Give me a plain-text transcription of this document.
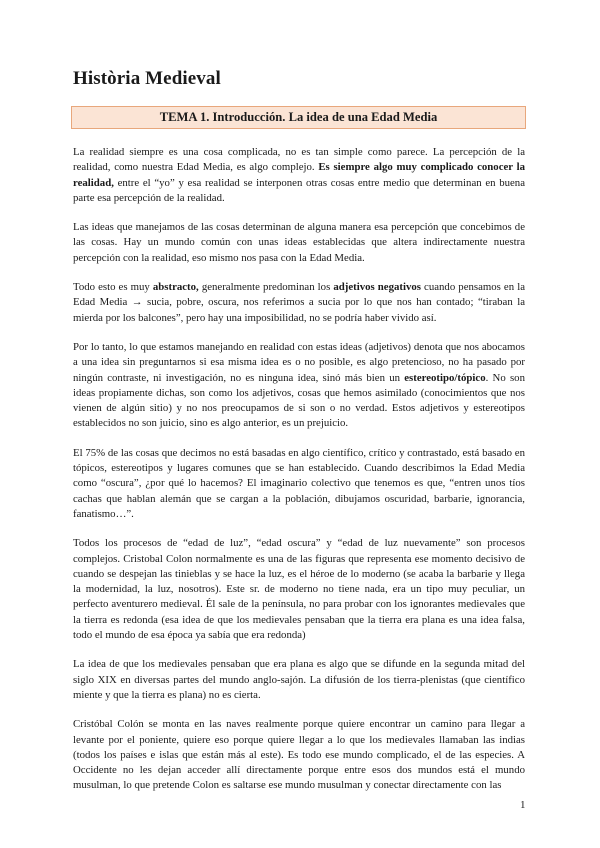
Història Medieval
TEMA 1. Introducción. La idea de una Edad Media

La realidad siempre es una cosa complicada, no es tan simple como parece. La percepción de la realidad, como nuestra Edad Media, es algo complejo. Es siempre algo muy complicado conocer la realidad, entre el “yo” y esa realidad se interponen otras cosas entre medio que determinan en buena parte esa percepción de la realidad.

Las ideas que manejamos de las cosas determinan de alguna manera esa percepción que concebimos de las cosas. Hay un mundo común con unas ideas establecidas que altera indirectamente nuestra percepción con la realidad, eso mismo nos pasa con la Edad Media.

Todo esto es muy abstracto, generalmente predominan los adjetivos negativos cuando pensamos en la Edad Media → sucia, pobre, oscura, nos referimos a sucia por lo que nos han contado; “tiraban la mierda por los balcones”, pero hay una imposibilidad, no se podría haber vivido así.

Por lo tanto, lo que estamos manejando en realidad con estas ideas (adjetivos) denota que nos abocamos a una idea sin preguntarnos si esa misma idea es o no posible, es algo pretencioso, no ha pasado por ningún contraste, ni investigación, no es ninguna idea, sinó más bien un estereotipo/tópico. No son ideas propiamente dichas, son como los adjetivos, cosas que hemos asimilado (conocimientos que nos vienen de algún sitio) y no nos preocupamos de si son o no verdad. Estos adjetivos y estereotipos establecidos no son juicio, sino es algo anterior, es un prejuicio.

El 75% de las cosas que decimos no está basadas en algo científico, crítico y contrastado, está basado en tópicos, estereotipos y lugares comunes que se han establecido. Cuando describimos la Edad Media como “oscura”, ¿por qué lo hacemos? El imaginario colectivo que tenemos es que, “entren unos tíos cachas que hablan alemán que se cargan a la población, dibujamos oscuridad, barbarie, ignorancia, fanatismo…”.

Todos los procesos de “edad de luz”, “edad oscura” y “edad de luz nuevamente” son procesos complejos. Cristobal Colon normalmente es una de las figuras que representa ese momento decisivo de cuando se despejan las tinieblas y se hace la luz, es el héroe de lo moderno (se acaba la barbarie y llega la modernidad, la luz, nosotros). Este sr. de moderno no tiene nada, era un tipo muy peculiar, un perfecto aventurero medieval. Él sale de la península, no para probar con los ignorantes medievales que la tierra es redonda (esa idea de que los medievales pensaban que la tierra era plana es una idea falsa, todo el mundo de esa época ya sabía que era redonda)

La idea de que los medievales pensaban que era plana es algo que se difunde en la segunda mitad del siglo XIX en diversas partes del mundo anglo-sajón. La difusión de los tierra-plenistas (que científico miente y que la tierra es plana) no es cierta.

Cristóbal Colón se monta en las naves realmente porque quiere encontrar un camino para llegar a levante por el poniente, quiere eso porque quiere llegar a lo que los medievales llamaban las indias (todos los países e islas que están más al este). Es todo ese mundo complicado, el de las especies. A Occidente no les dejan acceder allí directamente porque entre esos dos mundos está el mundo musulman, lo que pretende Colon es saltarse ese mundo musulman y conectar directamente con las

1
